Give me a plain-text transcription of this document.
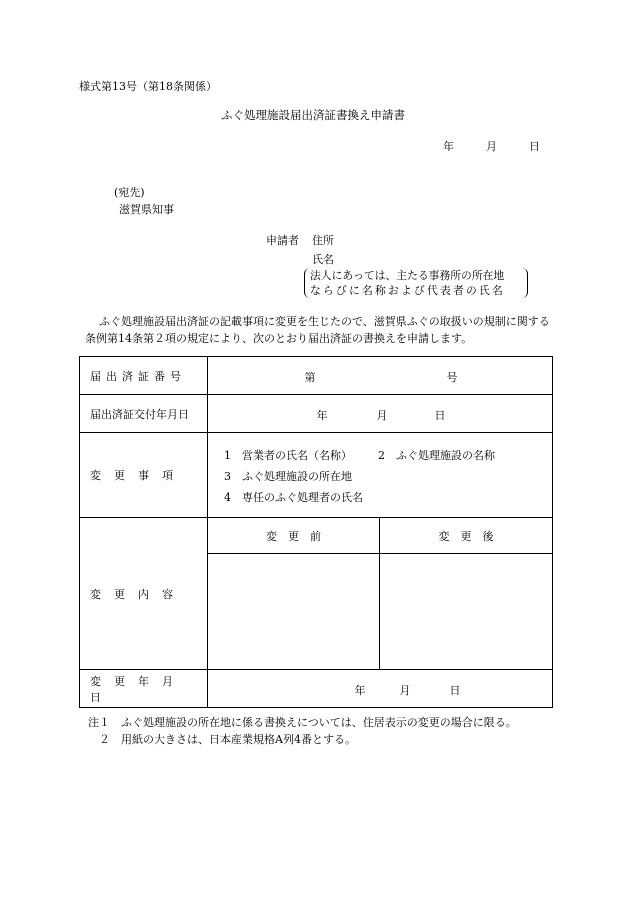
様式第13号（第18条関係）
ふぐ処理施設届出済証書換え申請書
年	月	日
(宛先)
滋賀県知事
申請者 住所
氏名
法人にあっては、主たる事務所の所在地
ならびに名称および代表者の氏名
ふぐ処理施設届出済証の記載事項に変更を生じたので、滋賀県ふぐの取扱いの規制に関する条例第14条第２項の規定により、次のとおり届出済証の書換えを申請します。
届出済証番号	第 号	

届出済証交付年月日	年 月 日	

変更事項	1　営業者の氏名（名称） 2　ふぐ処理施設の名称
3　ふぐ処理施設の所在地
4　専任のふぐ処理者の氏名	

変更内容	変　更　前	変　更　後

変更年月日	年 月 日	
注１　ふぐ処理施設の所在地に係る書換えについては、住居表示の変更の場合に限る。
　２　用紙の大きさは、日本産業規格A列4番とする。
